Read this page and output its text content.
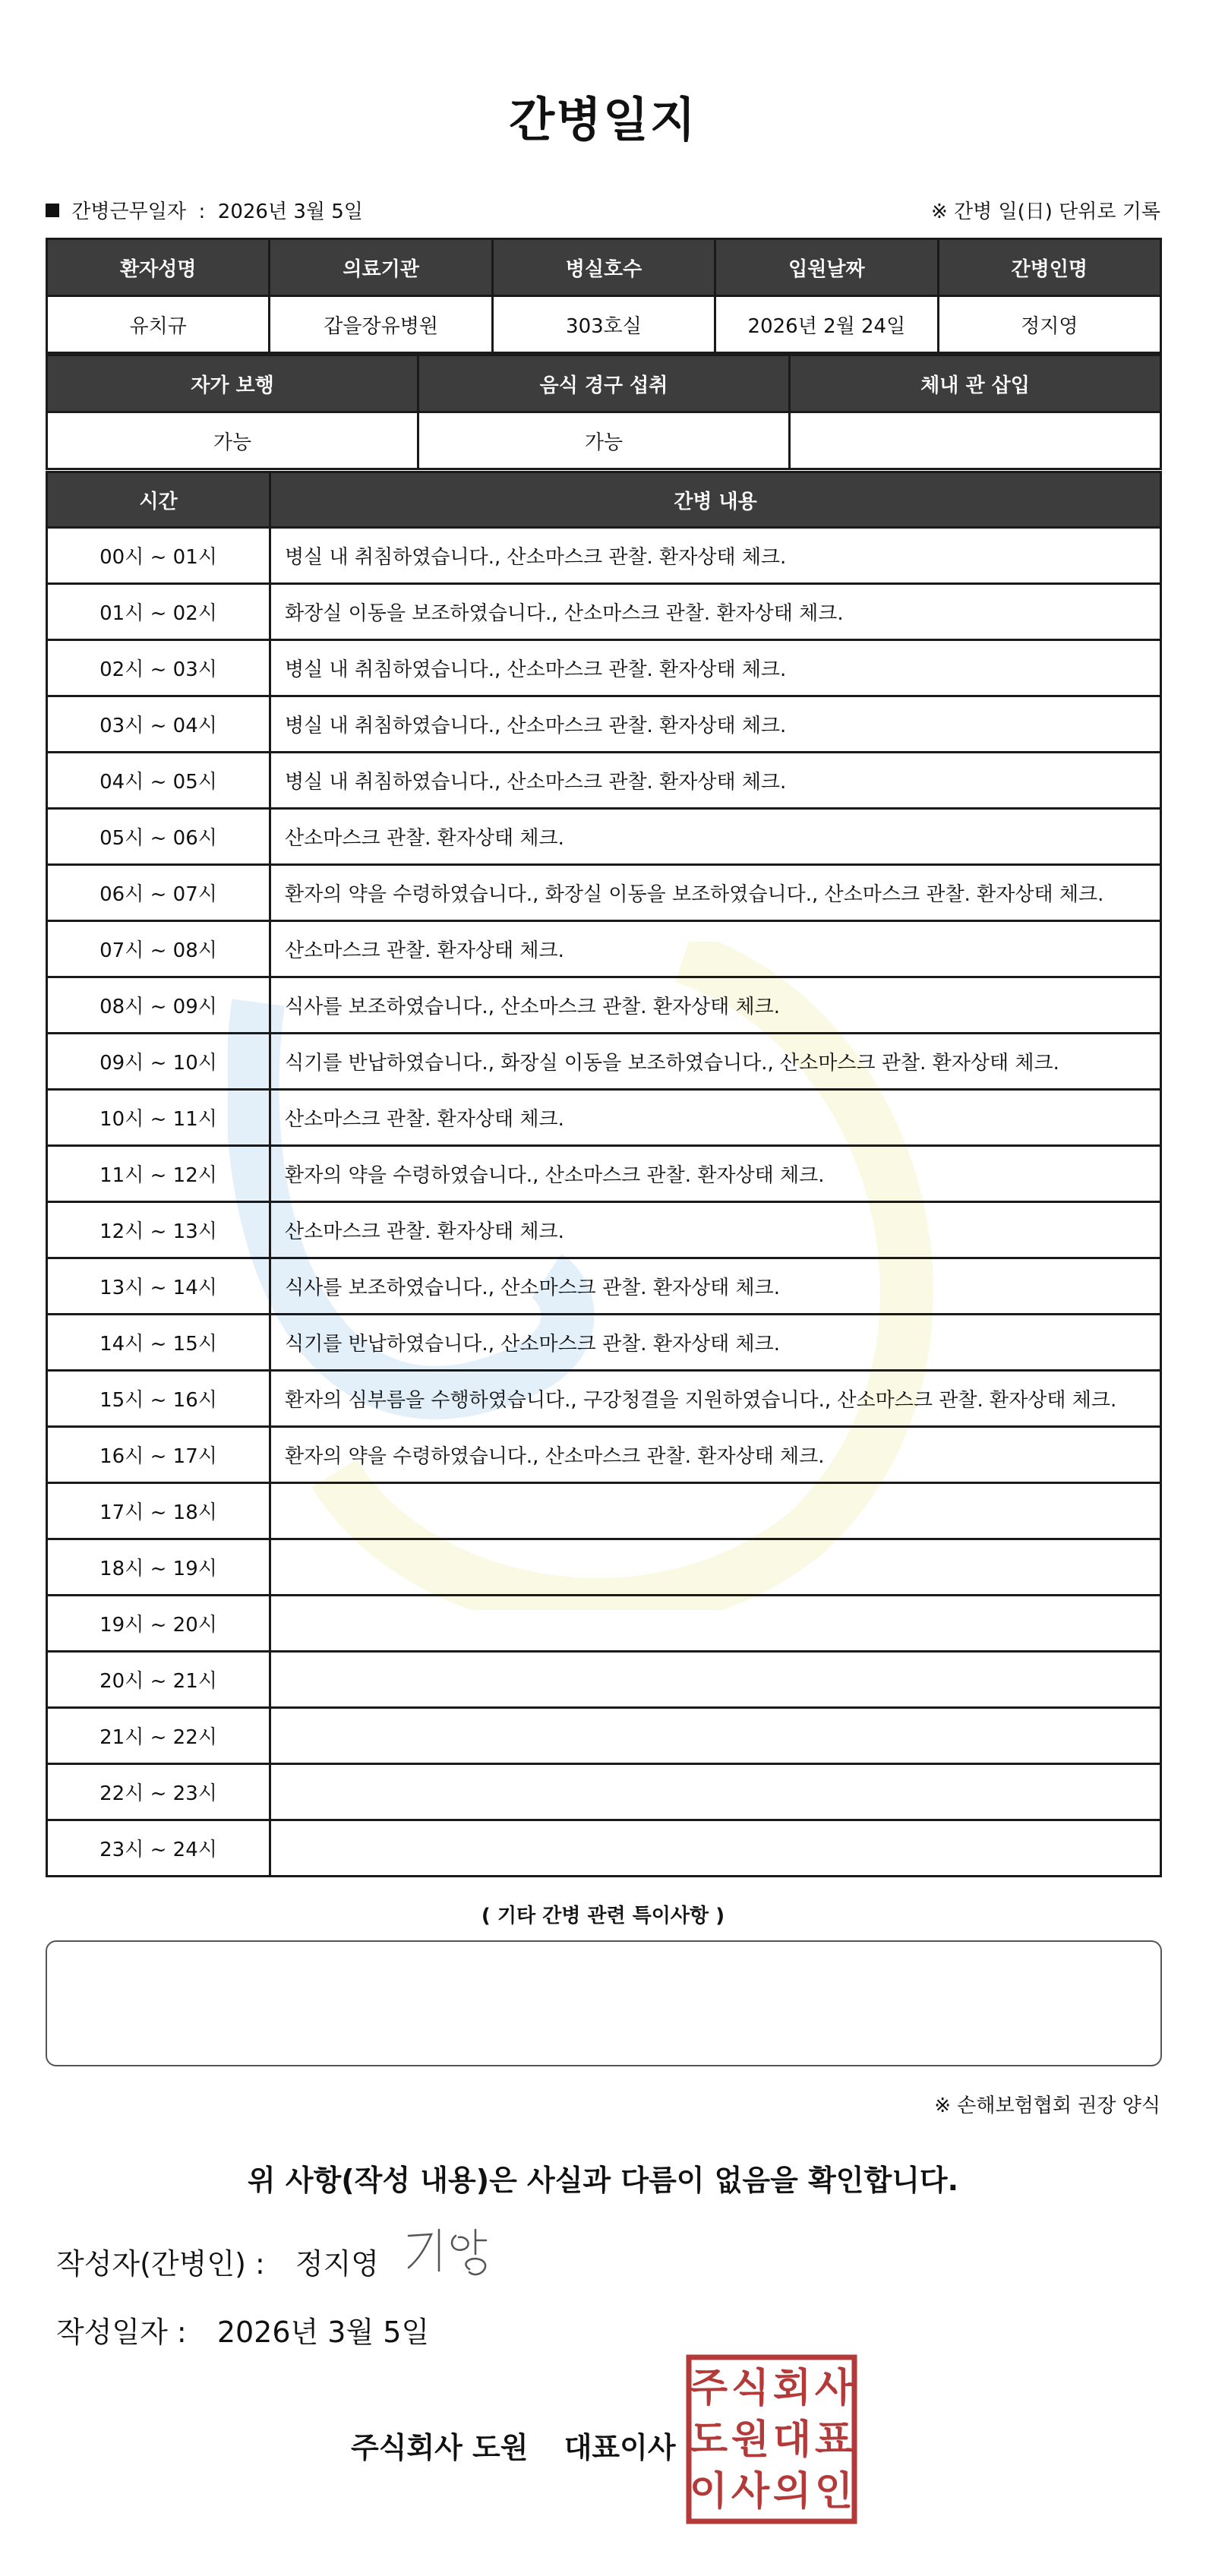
간병일지
간병근무일자 : 2026년 3월 5일	※ 간병 일(日) 단위로 기록
환자성명	의료기관	병실호수	입원날짜	간병인명
유치규	갑을장유병원	303호실	2026년 2월 24일	정지영
자가 보행	음식 경구 섭취	체내 관 삽입
가능	가능	
시간	간병 내용
00시 ~ 01시	병실 내 취침하였습니다., 산소마스크 관찰. 환자상태 체크.
01시 ~ 02시	화장실 이동을 보조하였습니다., 산소마스크 관찰. 환자상태 체크.
02시 ~ 03시	병실 내 취침하였습니다., 산소마스크 관찰. 환자상태 체크.
03시 ~ 04시	병실 내 취침하였습니다., 산소마스크 관찰. 환자상태 체크.
04시 ~ 05시	병실 내 취침하였습니다., 산소마스크 관찰. 환자상태 체크.
05시 ~ 06시	산소마스크 관찰. 환자상태 체크.
06시 ~ 07시	환자의 약을 수령하였습니다., 화장실 이동을 보조하였습니다., 산소마스크 관찰. 환자상태 체크.
07시 ~ 08시	산소마스크 관찰. 환자상태 체크.
08시 ~ 09시	식사를 보조하였습니다., 산소마스크 관찰. 환자상태 체크.
09시 ~ 10시	식기를 반납하였습니다., 화장실 이동을 보조하였습니다., 산소마스크 관찰. 환자상태 체크.
10시 ~ 11시	산소마스크 관찰. 환자상태 체크.
11시 ~ 12시	환자의 약을 수령하였습니다., 산소마스크 관찰. 환자상태 체크.
12시 ~ 13시	산소마스크 관찰. 환자상태 체크.
13시 ~ 14시	식사를 보조하였습니다., 산소마스크 관찰. 환자상태 체크.
14시 ~ 15시	식기를 반납하였습니다., 산소마스크 관찰. 환자상태 체크.
15시 ~ 16시	환자의 심부름을 수행하였습니다., 구강청결을 지원하였습니다., 산소마스크 관찰. 환자상태 체크.
16시 ~ 17시	환자의 약을 수령하였습니다., 산소마스크 관찰. 환자상태 체크.
17시 ~ 18시	
18시 ~ 19시	
19시 ~ 20시	
20시 ~ 21시	
21시 ~ 22시	
22시 ~ 23시	
23시 ~ 24시	
( 기타 간병 관련 특이사항 )
※ 손해보험협회 권장 양식
위 사항(작성 내용)은 사실과 다름이 없음을 확인합니다.
작성자(간병인) : 정지영
작성일자 : 2026년 3월 5일
주식회사 도원 대표이사
주 식 회 사
도 원 대 표
이 사 의 인
